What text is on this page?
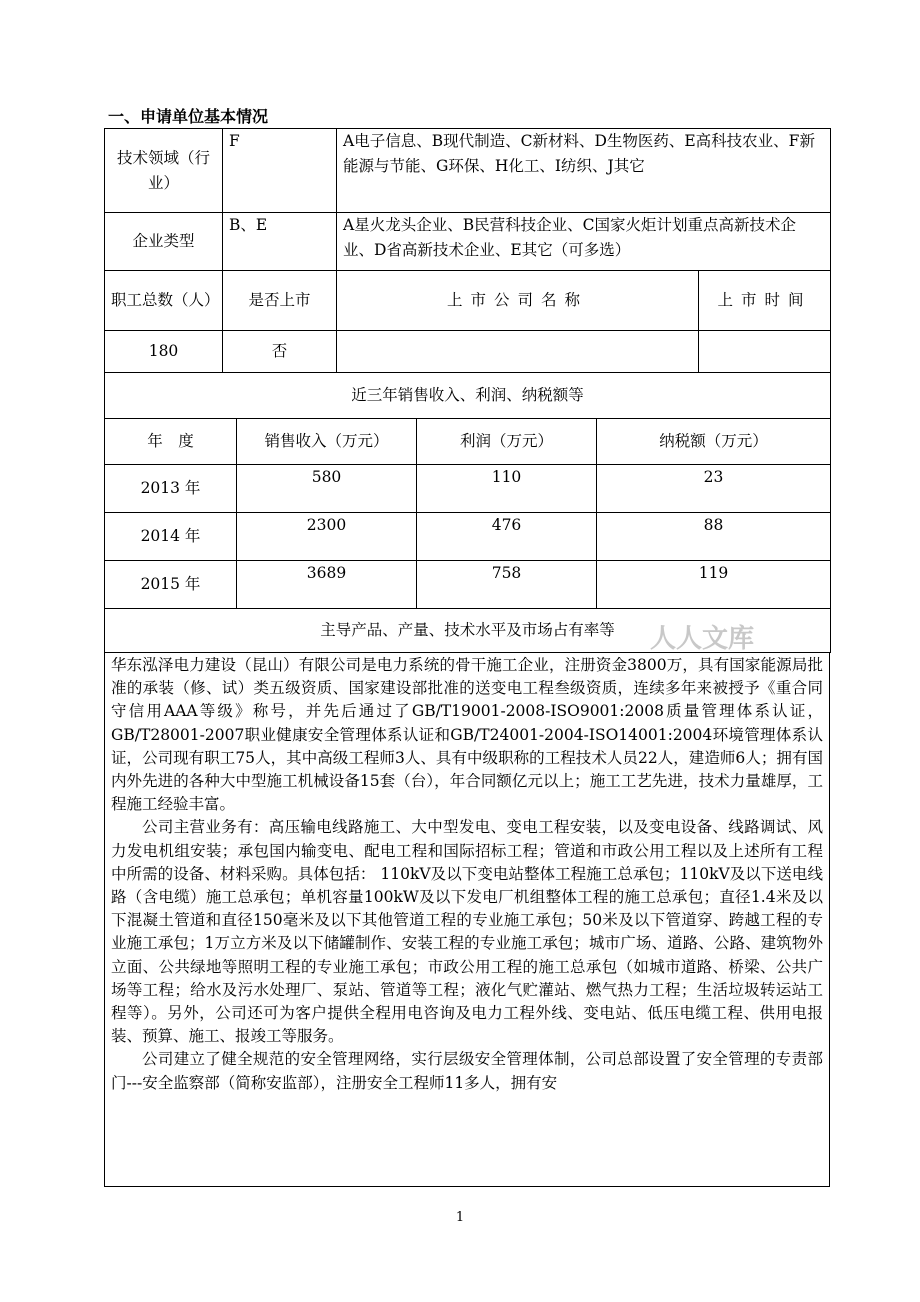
一、申请单位基本情况
技术领域（行业）	F	A电子信息、B现代制造、C新材料、D生物医药、E高科技农业、F新能源与节能、G环保、H化工、I纺织、J其它
企业类型	B、E	A星火龙头企业、B民营科技企业、C国家火炬计划重点高新技术企业、D省高新技术企业、E其它（可多选）
职工总数（人）	是否上市	上市公司名称	上市时间
180	否		
近三年销售收入、利润、纳税额等			
年　度	销售收入（万元）	利润（万元）	纳税额（万元）
2013 年	580	110	23
2014 年	2300	476	88
2015 年	3689	758	119
主导产品、产量、技术水平及市场占有率等			人人文库

华东泓泽电力建设（昆山）有限公司是电力系统的骨干施工企业，注册资金3800万，具有国家能源局批准的承装（修、试）类五级资质、国家建设部批准的送变电工程叁级资质，连续多年来被授予《重合同守信用AAA等级》称号，并先后通过了GB/T19001-2008-ISO9001:2008质量管理体系认证， GB/T28001-2007职业健康安全管理体系认证和GB/T24001-2004-ISO14001:2004环境管理体系认证，公司现有职工75人，其中高级工程师3人、具有中级职称的工程技术人员22人，建造师6人；拥有国内外先进的各种大中型施工机械设备15套（台），年合同额亿元以上；施工工艺先进，技术力量雄厚，工程施工经验丰富。

公司主营业务有：高压输电线路施工、大中型发电、变电工程安装，以及变电设备、线路调试、风力发电机组安装；承包国内输变电、配电工程和国际招标工程；管道和市政公用工程以及上述所有工程中所需的设备、材料采购。具体包括： 110kV及以下变电站整体工程施工总承包；110kV及以下送电线路（含电缆）施工总承包；单机容量100kW及以下发电厂机组整体工程的施工总承包；直径1.4米及以下混凝土管道和直径150毫米及以下其他管道工程的专业施工承包；50米及以下管道穿、跨越工程的专业施工承包；1万立方米及以下储罐制作、安装工程的专业施工承包；城市广场、道路、公路、建筑物外立面、公共绿地等照明工程的专业施工承包；市政公用工程的施工总承包（如城市道路、桥梁、公共广场等工程；给水及污水处理厂、泵站、管道等工程；液化气贮灌站、燃气热力工程；生活垃圾转运站工程等）。另外，公司还可为客户提供全程用电咨询及电力工程外线、变电站、低压电缆工程、供用电报装、预算、施工、报竣工等服务。

公司建立了健全规范的安全管理网络，实行层级安全管理体制，公司总部设置了安全管理的专责部门---安全监察部（简称安监部），注册安全工程师11多人，拥有安

1
